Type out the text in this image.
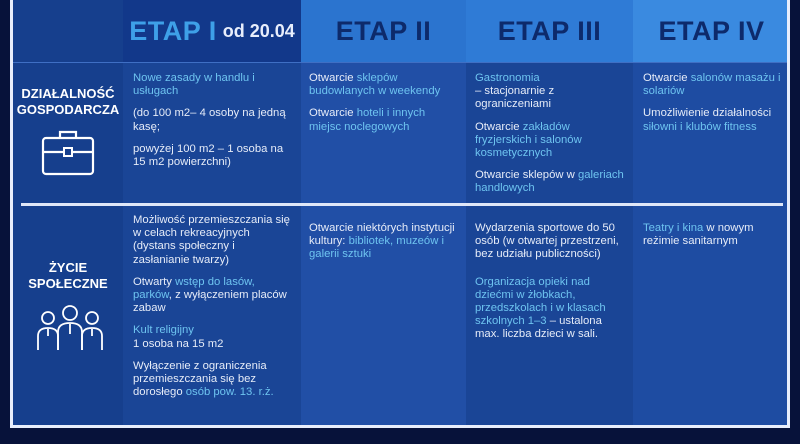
ETAP I od 20.04 ETAP II ETAP III ETAP IV
DZIAŁALNOŚĆ
GOSPODARCZA
ŻYCIE
SPOŁECZNE

Nowe zasady w handlu i usługach

(do 100 m2– 4 osoby na jedną kasę;

powyżej 100 m2 – 1 osoba na 15 m2 powierzchni)

Otwarcie sklepów budowlanych w weekendy

Otwarcie hoteli i innych miejsc noclegowych

Gastronomia
– stacjonarnie z ograniczeniami

Otwarcie zakładów fryzjerskich i salonów kosmetycznych

Otwarcie sklepów w galeriach handlowych

Otwarcie salonów masażu i solariów

Umożliwienie działalności siłowni i klubów fitness

Możliwość przemieszczania się w celach rekreacyjnych (dystans społeczny i zasłanianie twarzy)

Otwarty wstęp do lasów, parków, z wyłączeniem placów zabaw

Kult religijny
1 osoba na 15 m2

Wyłączenie z ograniczenia przemieszczania się bez dorosłego osób pow. 13. r.ż.

Otwarcie niektórych instytucji kultury: bibliotek, muzeów i galerii sztuki

Wydarzenia sportowe do 50 osób (w otwartej przestrzeni, bez udziału publiczności)

Organizacja opieki nad dziećmi w żłobkach, przedszkolach i w klasach szkolnych 1–3 – ustalona max. liczba dzieci w sali.

Teatry i kina w nowym reżimie sanitarnym
